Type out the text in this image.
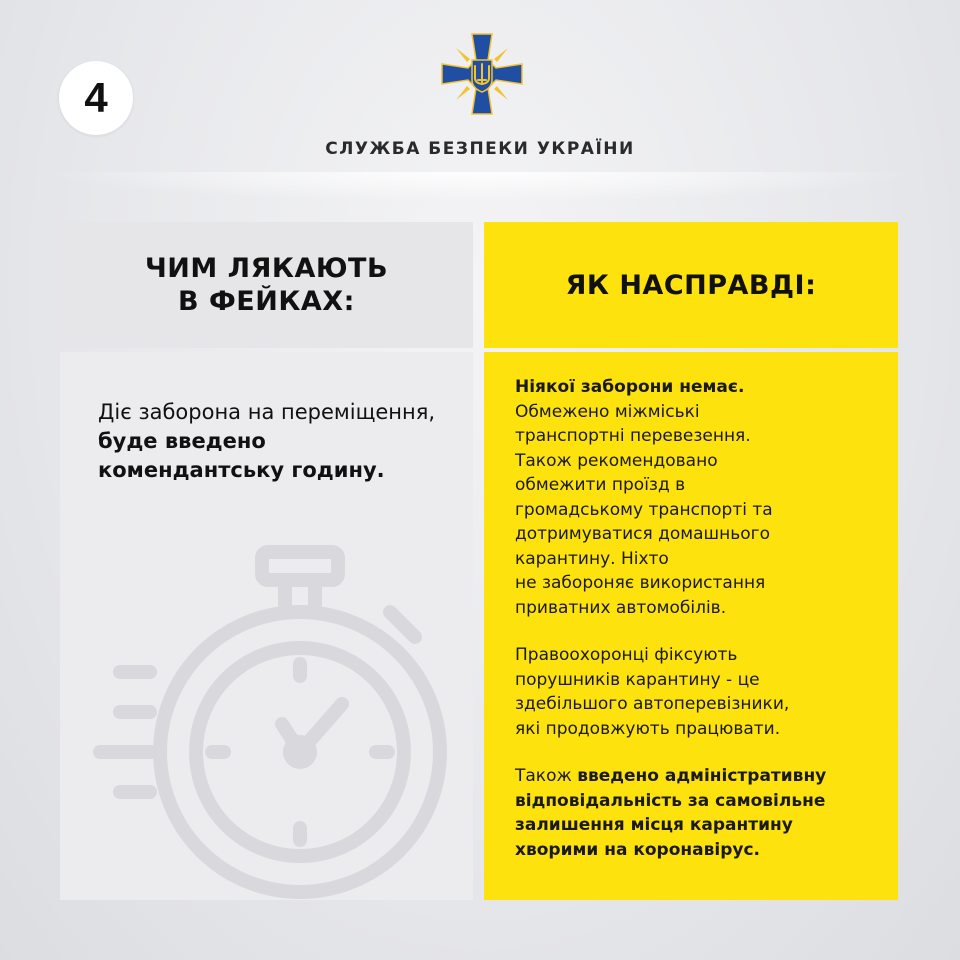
4
СЛУЖБА БЕЗПЕКИ УКРАЇНИ
ЧИМ ЛЯКАЮТЬ
В ФЕЙКАХ:
Діє заборона на переміщення, буде введено комендантську годину.
ЯК НАСПРАВДІ:

Ніякої заборони немає.
Обмежено міжміські
транспортні перевезення.
Також рекомендовано
обмежити проїзд в
громадському транспорті та
дотримуватися домашнього
карантину. Ніхто
не забороняє використання
приватних автомобілів.

Правоохоронці фіксують
порушників карантину - це
здебільшого автоперевізники,
які продовжують працювати.

Також введено адміністративну
відповідальність за самовільне
залишення місця карантину
хворими на коронавірус.
